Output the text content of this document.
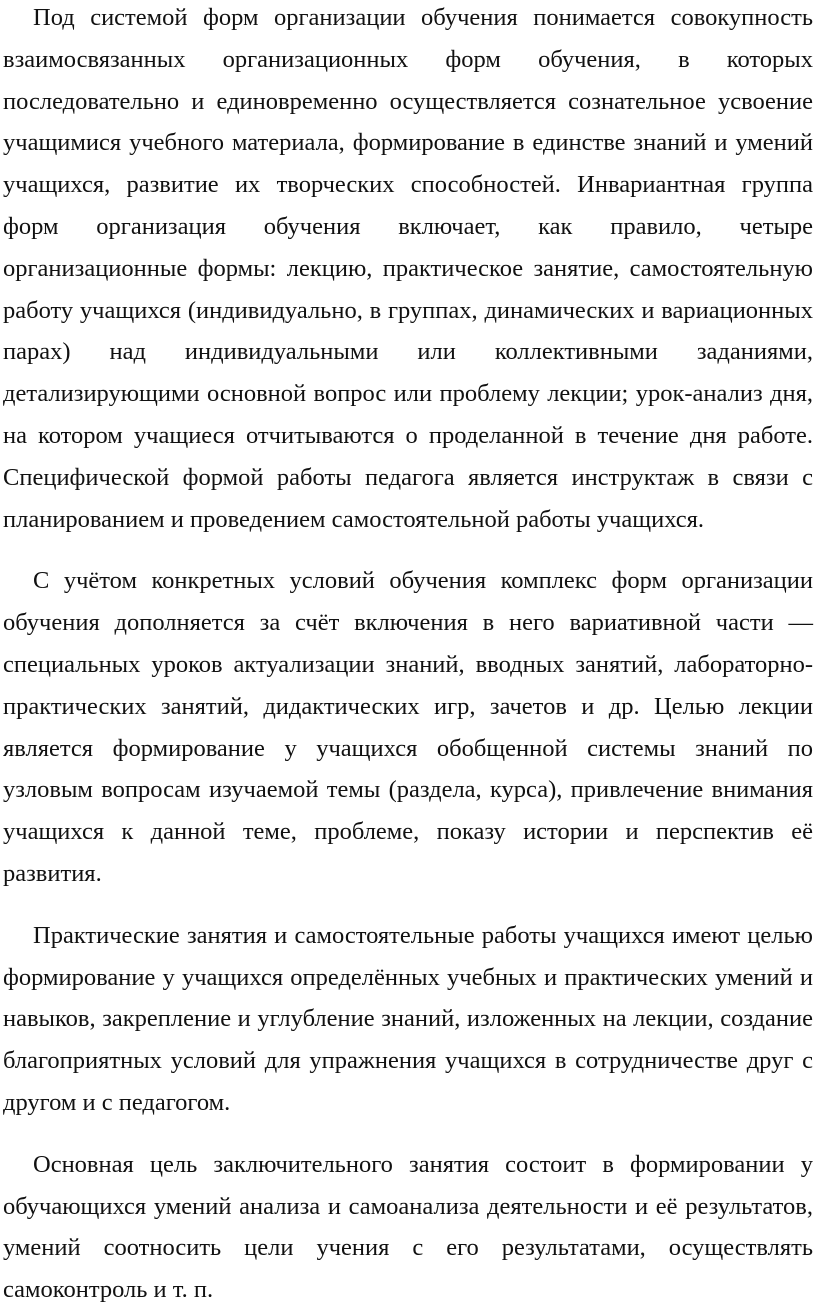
Под системой форм организации обучения понимается совокупность взаимосвязанных организационных форм обучения, в которых последовательно и единовременно осуществляется сознательное усвоение учащимися учебного материала, формирование в единстве знаний и умений учащихся, развитие их творческих способностей. Инвариантная группа форм организация обучения включает, как правило, четыре организационные формы: лекцию, практическое занятие, самостоятельную работу учащихся (индивидуально, в группах, динамических и вариационных парах) над индивидуальными или коллективными заданиями, детализирующими основной вопрос или проблему лекции; урок-анализ дня, на котором учащиеся отчитываются о проделанной в течение дня работе. Специфической формой работы педагога является инструктаж в связи с планированием и проведением самостоятельной работы учащихся.

С учётом конкретных условий обучения комплекс форм организации обучения дополняется за счёт включения в него вариативной части — специальных уроков актуализации знаний, вводных занятий, лабораторно-практических занятий, дидактических игр, зачетов и др. Целью лекции является формирование у учащихся обобщенной системы знаний по узловым вопросам изучаемой темы (раздела, курса), привлечение внимания учащихся к данной теме, проблеме, показу истории и перспектив её развития.

Практические занятия и самостоятельные работы учащихся имеют целью формирование у учащихся определённых учебных и практических умений и навыков, закрепление и углубление знаний, изложенных на лекции, создание благоприятных условий для упражнения учащихся в сотрудничестве друг с другом и с педагогом.

Основная цель заключительного занятия состоит в формировании у обучающихся умений анализа и самоанализа деятельности и её результатов, умений соотносить цели учения с его результатами, осуществлять самоконтроль и т. п.
